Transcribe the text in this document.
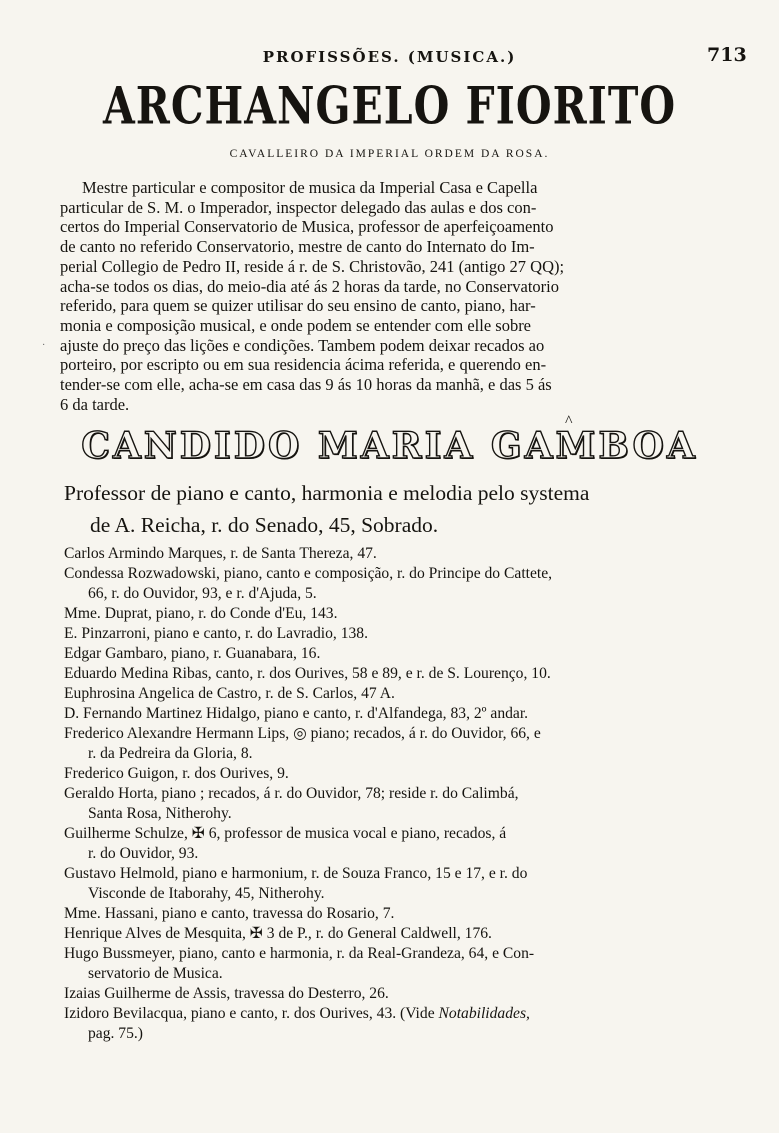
PROFISSÕES. (MUSICA.)	713
ARCHANGELO FIORITO
CAVALLEIRO DA IMPERIAL ORDEM DA ROSA.
Mestre particular e compositor de musica da Imperial Casa e Capella
particular de S. M. o Imperador, inspector delegado das aulas e dos con-
certos do Imperial Conservatorio de Musica, professor de aperfeiçoamento
de canto no referido Conservatorio, mestre de canto do Internato do Im-
perial Collegio de Pedro II, reside á r. de S. Christovão, 241 (antigo 27 QQ);
acha-se todos os dias, do meio-dia até ás 2 horas da tarde, no Conservatorio
referido, para quem se quizer utilisar do seu ensino de canto, piano, har-
monia e composição musical, e onde podem se entender com elle sobre
ajuste do preço das lições e condições. Tambem podem deixar recados ao
porteiro, por escripto ou em sua residencia ácima referida, e querendo en-
tender-se com elle, acha-se em casa das 9 ás 10 horas da manhã, e das 5 ás
6 da tarde.
^
CANDIDO MARIA GAMBOA
Professor de piano e canto, harmonia e melodia pelo systema
de A. Reicha, r. do Senado, 45, Sobrado.
Carlos Armindo Marques, r. de Santa Thereza, 47.
Condessa Rozwadowski, piano, canto e composição, r. do Principe do Cattete,
66, r. do Ouvidor, 93, e r. d'Ajuda, 5.
Mme. Duprat, piano, r. do Conde d'Eu, 143.
E. Pinzarroni, piano e canto, r. do Lavradio, 138.
Edgar Gambaro, piano, r. Guanabara, 16.
Eduardo Medina Ribas, canto, r. dos Ourives, 58 e 89, e r. de S. Lourenço, 10.
Euphrosina Angelica de Castro, r. de S. Carlos, 47 A.
D. Fernando Martinez Hidalgo, piano e canto, r. d'Alfandega, 83, 2º andar.
Frederico Alexandre Hermann Lips, ◎ piano; recados, á r. do Ouvidor, 66, e
r. da Pedreira da Gloria, 8.
Frederico Guigon, r. dos Ourives, 9.
Geraldo Horta, piano ; recados, á r. do Ouvidor, 78; reside r. do Calimbá,
Santa Rosa, Nitherohy.
Guilherme Schulze, ✠ 6, professor de musica vocal e piano, recados, á
r. do Ouvidor, 93.
Gustavo Helmold, piano e harmonium, r. de Souza Franco, 15 e 17, e r. do
Visconde de Itaborahy, 45, Nitherohy.
Mme. Hassani, piano e canto, travessa do Rosario, 7.
Henrique Alves de Mesquita, ✠ 3 de P., r. do General Caldwell, 176.
Hugo Bussmeyer, piano, canto e harmonia, r. da Real-Grandeza, 64, e Con-
servatorio de Musica.
Izaias Guilherme de Assis, travessa do Desterro, 26.
Izidoro Bevilacqua, piano e canto, r. dos Ourives, 43. (Vide Notabilidades,
pag. 75.)
·
